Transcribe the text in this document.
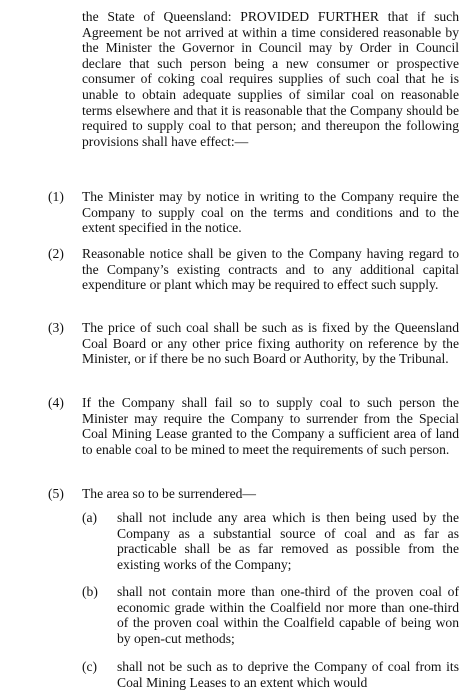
the State of Queensland: PROVIDED FURTHER that if such Agreement be not arrived at within a time considered reasonable by the Minister the Governor in Council may by Order in Council declare that such person being a new consumer or prospective consumer of coking coal requires supplies of such coal that he is unable to obtain adequate supplies of similar coal on reasonable terms elsewhere and that it is reasonable that the Company should be required to supply coal to that person; and thereupon the following provisions shall have effect:—

(1) The Minister may by notice in writing to the Company require the Company to supply coal on the terms and conditions and to the extent specified in the notice.

(2) Reasonable notice shall be given to the Company having regard to the Company’s existing contracts and to any additional capital expenditure or plant which may be required to effect such supply.

(3) The price of such coal shall be such as is fixed by the Queensland Coal Board or any other price fixing authority on reference by the Minister, or if there be no such Board or Authority, by the Tribunal.

(4) If the Company shall fail so to supply coal to such person the Minister may require the Company to surrender from the Special Coal Mining Lease granted to the Company a sufficient area of land to enable coal to be mined to meet the requirements of such person.

(5) The area so to be surrendered—

(a) shall not include any area which is then being used by the Company as a substantial source of coal and as far as practicable shall be as far removed as possible from the existing works of the Company;

(b) shall not contain more than one-third of the proven coal of economic grade within the Coalfield nor more than one-third of the proven coal within the Coalfield capable of being won by open-cut methods;

(c) shall not be such as to deprive the Company of coal from its Coal Mining Leases to an extent which would
